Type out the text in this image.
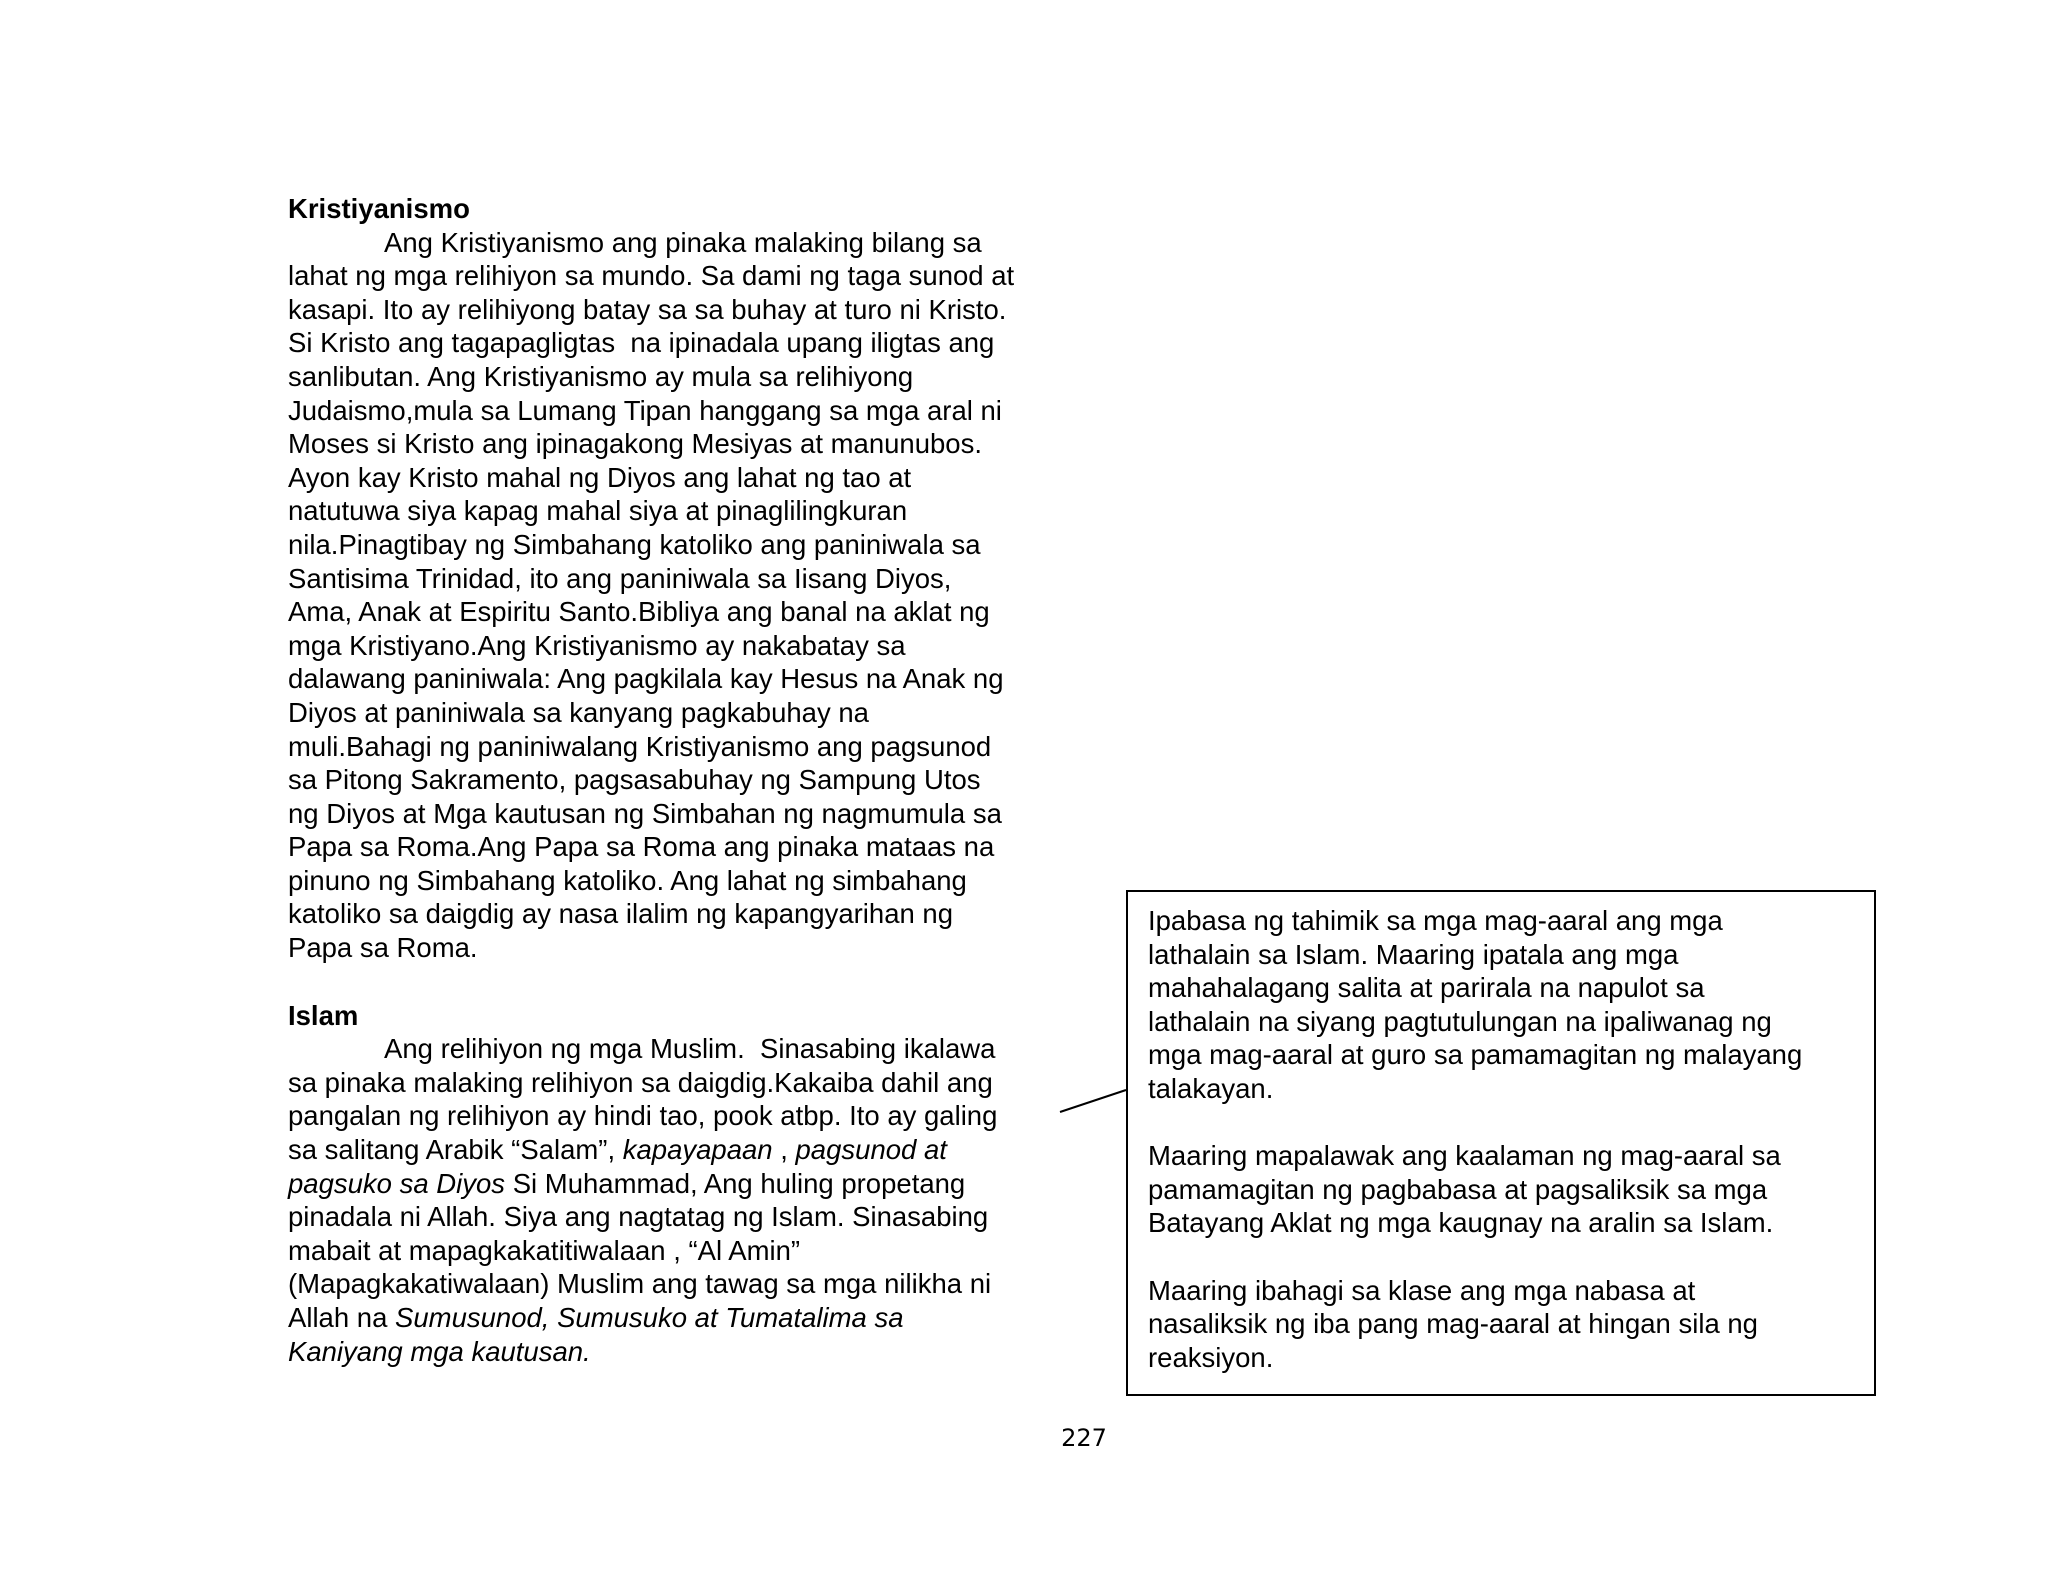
Kristiyanismo

Ang Kristiyanismo ang pinaka malaking bilang sa
lahat ng mga relihiyon sa mundo. Sa dami ng taga sunod at
kasapi. Ito ay relihiyong batay sa sa buhay at turo ni Kristo.
Si Kristo ang tagapagligtas  na ipinadala upang iligtas ang
sanlibutan. Ang Kristiyanismo ay mula sa relihiyong
Judaismo,mula sa Lumang Tipan hanggang sa mga aral ni
Moses si Kristo ang ipinagakong Mesiyas at manunubos.
Ayon kay Kristo mahal ng Diyos ang lahat ng tao at
natutuwa siya kapag mahal siya at pinaglilingkuran
nila.Pinagtibay ng Simbahang katoliko ang paniniwala sa
Santisima Trinidad, ito ang paniniwala sa Iisang Diyos,
Ama, Anak at Espiritu Santo.Bibliya ang banal na aklat ng
mga Kristiyano.Ang Kristiyanismo ay nakabatay sa
dalawang paniniwala: Ang pagkilala kay Hesus na Anak ng
Diyos at paniniwala sa kanyang pagkabuhay na
muli.Bahagi ng paniniwalang Kristiyanismo ang pagsunod
sa Pitong Sakramento, pagsasabuhay ng Sampung Utos
ng Diyos at Mga kautusan ng Simbahan ng nagmumula sa
Papa sa Roma.Ang Papa sa Roma ang pinaka mataas na
pinuno ng Simbahang katoliko. Ang lahat ng simbahang
katoliko sa daigdig ay nasa ilalim ng kapangyarihan ng
Papa sa Roma.

Islam

Ang relihiyon ng mga Muslim.  Sinasabing ikalawa
sa pinaka malaking relihiyon sa daigdig.Kakaiba dahil ang
pangalan ng relihiyon ay hindi tao, pook atbp. Ito ay galing
sa salitang Arabik “Salam”, kapayapaan , pagsunod at
pagsuko sa Diyos Si Muhammad, Ang huling propetang
pinadala ni Allah. Siya ang nagtatag ng Islam. Sinasabing
mabait at mapagkakatitiwalaan , “Al Amin”
(Mapagkakatiwalaan) Muslim ang tawag sa mga nilikha ni
Allah na Sumusunod, Sumusuko at Tumatalima sa
Kaniyang mga kautusan.

Ipabasa ng tahimik sa mga mag-aaral ang mga
lathalain sa Islam. Maaring ipatala ang mga
mahahalagang salita at parirala na napulot sa
lathalain na siyang pagtutulungan na ipaliwanag ng
mga mag-aaral at guro sa pamamagitan ng malayang
talakayan.

Maaring mapalawak ang kaalaman ng mag-aaral sa
pamamagitan ng pagbabasa at pagsaliksik sa mga
Batayang Aklat ng mga kaugnay na aralin sa Islam.

Maaring ibahagi sa klase ang mga nabasa at
nasaliksik ng iba pang mag-aaral at hingan sila ng
reaksiyon.

227
